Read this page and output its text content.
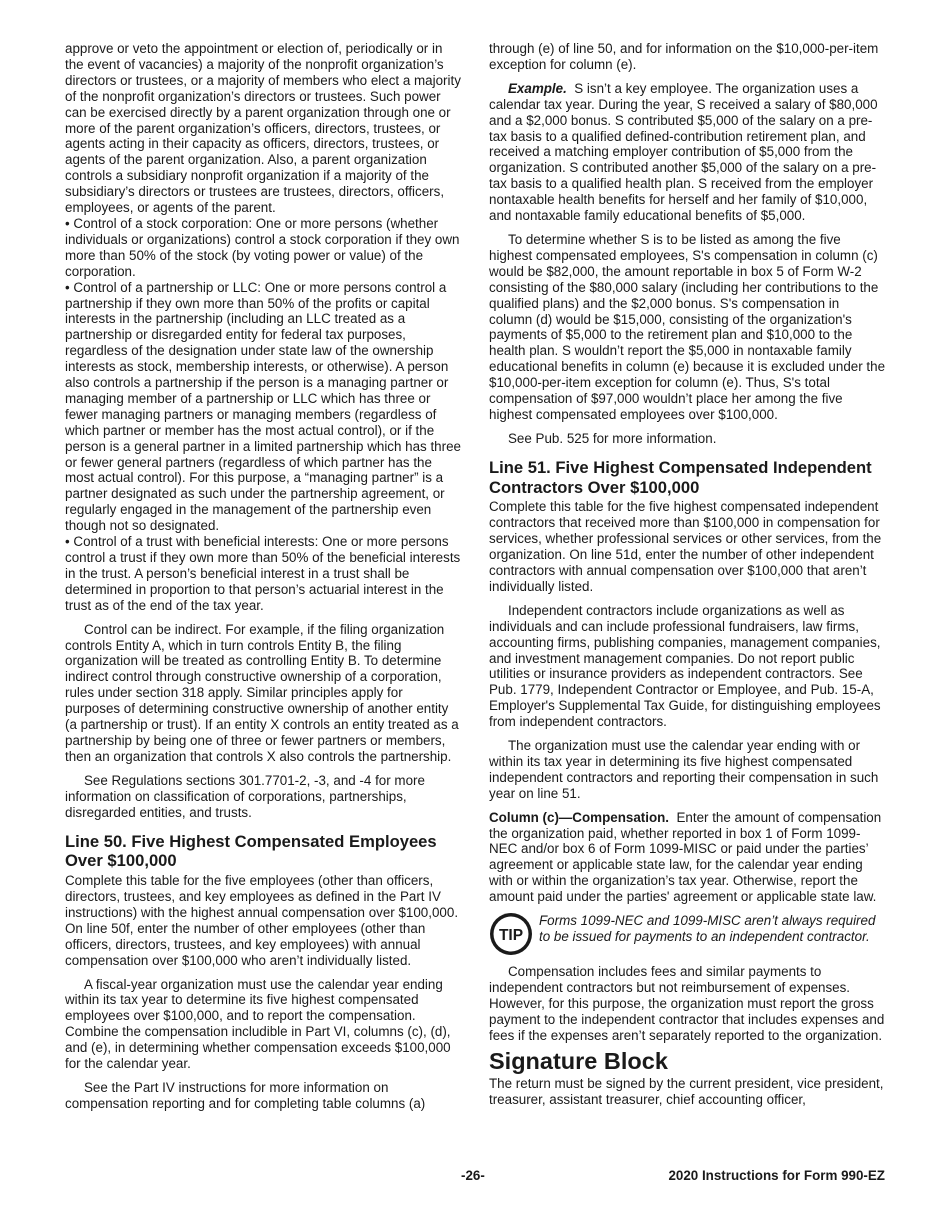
approve or veto the appointment or election of, periodically or in the event of vacancies) a majority of the nonprofit organization’s directors or trustees, or a majority of members who elect a majority of the nonprofit organization’s directors or trustees. Such power can be exercised directly by a parent organization through one or more of the parent organization’s officers, directors, trustees, or agents acting in their capacity as officers, directors, trustees, or agents of the parent organization. Also, a parent organization controls a subsidiary nonprofit organization if a majority of the subsidiary’s directors or trustees are trustees, directors, officers, employees, or agents of the parent.

• Control of a stock corporation: One or more persons (whether individuals or organizations) control a stock corporation if they own more than 50% of the stock (by voting power or value) of the corporation.

• Control of a partnership or LLC: One or more persons control a partnership if they own more than 50% of the profits or capital interests in the partnership (including an LLC treated as a partnership or disregarded entity for federal tax purposes, regardless of the designation under state law of the ownership interests as stock, membership interests, or otherwise). A person also controls a partnership if the person is a managing partner or managing member of a partnership or LLC which has three or fewer managing partners or managing members (regardless of which partner or member has the most actual control), or if the person is a general partner in a limited partnership which has three or fewer general partners (regardless of which partner has the most actual control). For this purpose, a “managing partner” is a partner designated as such under the partnership agreement, or regularly engaged in the management of the partnership even though not so designated.

• Control of a trust with beneficial interests: One or more persons control a trust if they own more than 50% of the beneficial interests in the trust. A person’s beneficial interest in a trust shall be determined in proportion to that person’s actuarial interest in the trust as of the end of the tax year.

Control can be indirect. For example, if the filing organization controls Entity A, which in turn controls Entity B, the filing organization will be treated as controlling Entity B. To determine indirect control through constructive ownership of a corporation, rules under section 318 apply. Similar principles apply for purposes of determining constructive ownership of another entity (a partnership or trust). If an entity X controls an entity treated as a partnership by being one of three or fewer partners or members, then an organization that controls X also controls the partnership.

See Regulations sections 301.7701-2, -3, and -4 for more information on classification of corporations, partnerships, disregarded entities, and trusts.

Line 50. Five Highest Compensated Employees Over $100,000

Complete this table for the five employees (other than officers, directors, trustees, and key employees as defined in the Part IV instructions) with the highest annual compensation over $100,000. On line 50f, enter the number of other employees (other than officers, directors, trustees, and key employees) with annual compensation over $100,000 who aren’t individually listed.

A fiscal-year organization must use the calendar year ending within its tax year to determine its five highest compensated employees over $100,000, and to report the compensation. Combine the compensation includible in Part VI, columns (c), (d), and (e), in determining whether compensation exceeds $100,000 for the calendar year.

See the Part IV instructions for more information on compensation reporting and for completing table columns (a)

through (e) of line 50, and for information on the $10,000-per-item exception for column (e).

Example. S isn’t a key employee. The organization uses a calendar tax year. During the year, S received a salary of $80,000 and a $2,000 bonus. S contributed $5,000 of the salary on a pre-tax basis to a qualified defined-contribution retirement plan, and received a matching employer contribution of $5,000 from the organization. S contributed another $5,000 of the salary on a pre-tax basis to a qualified health plan. S received from the employer nontaxable health benefits for herself and her family of $10,000, and nontaxable family educational benefits of $5,000.

To determine whether S is to be listed as among the five highest compensated employees, S's compensation in column (c) would be $82,000, the amount reportable in box 5 of Form W-2 consisting of the $80,000 salary (including her contributions to the qualified plans) and the $2,000 bonus. S's compensation in column (d) would be $15,000, consisting of the organization's payments of $5,000 to the retirement plan and $10,000 to the health plan. S wouldn’t report the $5,000 in nontaxable family educational benefits in column (e) because it is excluded under the $10,000-per-item exception for column (e). Thus, S's total compensation of $97,000 wouldn’t place her among the five highest compensated employees over $100,000.

See Pub. 525 for more information.

Line 51. Five Highest Compensated Independent Contractors Over $100,000

Complete this table for the five highest compensated independent contractors that received more than $100,000 in compensation for services, whether professional services or other services, from the organization. On line 51d, enter the number of other independent contractors with annual compensation over $100,000 that aren’t individually listed.

Independent contractors include organizations as well as individuals and can include professional fundraisers, law firms, accounting firms, publishing companies, management companies, and investment management companies. Do not report public utilities or insurance providers as independent contractors. See Pub. 1779, Independent Contractor or Employee, and Pub. 15-A, Employer's Supplemental Tax Guide, for distinguishing employees from independent contractors.

The organization must use the calendar year ending with or within its tax year in determining its five highest compensated independent contractors and reporting their compensation in such year on line 51.

Column (c)—Compensation. Enter the amount of compensation the organization paid, whether reported in box 1 of Form 1099-NEC and/or box 6 of Form 1099-MISC or paid under the parties’ agreement or applicable state law, for the calendar year ending with or within the organization’s tax year. Otherwise, report the amount paid under the parties' agreement or applicable state law.

TIP

Forms 1099-NEC and 1099-MISC aren’t always required to be issued for payments to an independent contractor.

Compensation includes fees and similar payments to independent contractors but not reimbursement of expenses. However, for this purpose, the organization must report the gross payment to the independent contractor that includes expenses and fees if the expenses aren’t separately reported to the organization.

Signature Block

The return must be signed by the current president, vice president, treasurer, assistant treasurer, chief accounting officer,

-26-	2020 Instructions for Form 990-EZ
